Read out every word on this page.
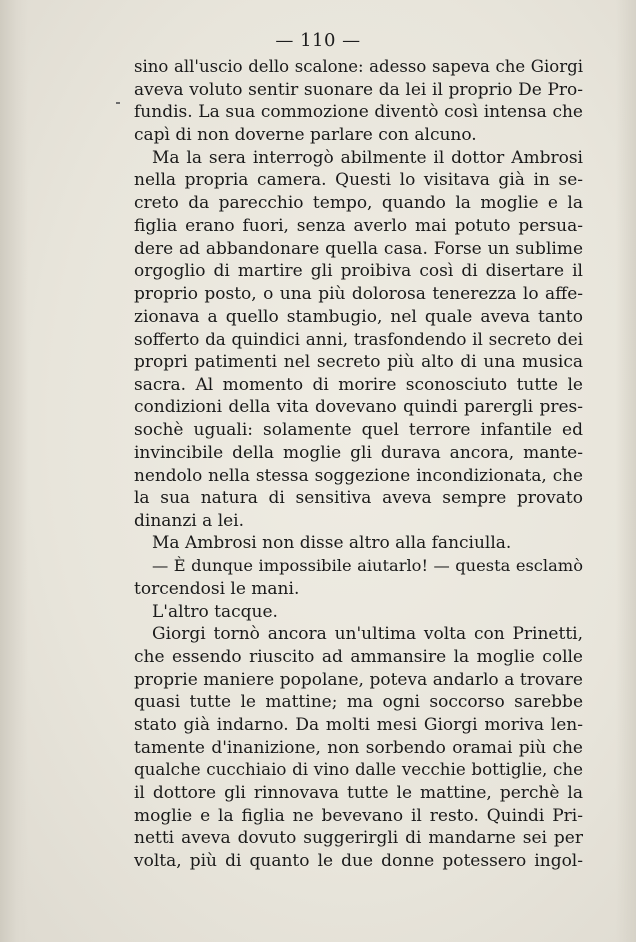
— 110 —
sino all'uscio dello scalone: adesso sapeva che Giorgi
aveva voluto sentir suonare da lei il proprio De Pro-
fundis. La sua commozione diventò così intensa che
capì di non doverne parlare con alcuno.
Ma la sera interrogò abilmente il dottor Ambrosi
nella propria camera. Questi lo visitava già in se-
creto da parecchio tempo, quando la moglie e la
figlia erano fuori, senza averlo mai potuto persua-
dere ad abbandonare quella casa. Forse un sublime
orgoglio di martire gli proibiva così di disertare il
proprio posto, o una più dolorosa tenerezza lo affe-
zionava a quello stambugio, nel quale aveva tanto
sofferto da quindici anni, trasfondendo il secreto dei
propri patimenti nel secreto più alto di una musica
sacra. Al momento di morire sconosciuto tutte le
condizioni della vita dovevano quindi parergli pres-
sochè uguali: solamente quel terrore infantile ed
invincibile della moglie gli durava ancora, mante-
nendolo nella stessa soggezione incondizionata, che
la sua natura di sensitiva aveva sempre provato
dinanzi a lei.
Ma Ambrosi non disse altro alla fanciulla.
— È dunque impossibile aiutarlo! — questa esclamò
torcendosi le mani.
L'altro tacque.
Giorgi tornò ancora un'ultima volta con Prinetti,
che essendo riuscito ad ammansire la moglie colle
proprie maniere popolane, poteva andarlo a trovare
quasi tutte le mattine; ma ogni soccorso sarebbe
stato già indarno. Da molti mesi Giorgi moriva len-
tamente d'inanizione, non sorbendo oramai più che
qualche cucchiaio di vino dalle vecchie bottiglie, che
il dottore gli rinnovava tutte le mattine, perchè la
moglie e la figlia ne bevevano il resto. Quindi Pri-
netti aveva dovuto suggerirgli di mandarne sei per
volta, più di quanto le due donne potessero ingol-
